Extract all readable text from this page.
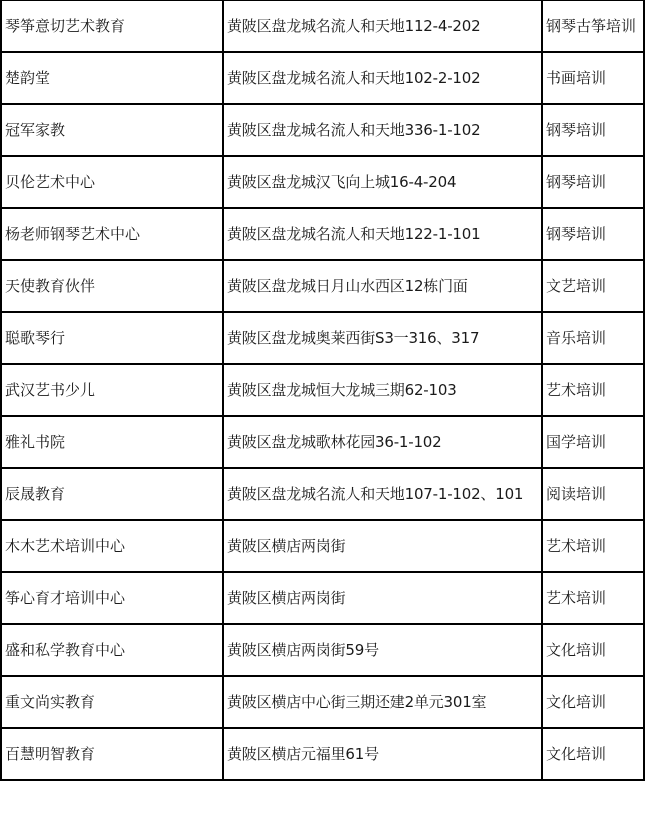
琴筝意切艺术教育	黄陂区盘龙城名流人和天地112-4-202	钢琴古筝培训
楚韵堂	黄陂区盘龙城名流人和天地102-2-102	书画培训
冠军家教	黄陂区盘龙城名流人和天地336-1-102	钢琴培训
贝伦艺术中心	黄陂区盘龙城汉飞向上城16-4-204	钢琴培训
杨老师钢琴艺术中心	黄陂区盘龙城名流人和天地122-1-101	钢琴培训
天使教育伙伴	黄陂区盘龙城日月山水西区12栋门面	文艺培训
聪歌琴行	黄陂区盘龙城奥莱西街S3一316、317	音乐培训
武汉艺书少儿	黄陂区盘龙城恒大龙城三期62-103	艺术培训
雅礼书院	黄陂区盘龙城歌林花园36-1-102	国学培训
辰晟教育	黄陂区盘龙城名流人和天地107-1-102、101	阅读培训
木木艺术培训中心	黄陂区横店两岗街	艺术培训
筝心育才培训中心	黄陂区横店两岗街	艺术培训
盛和私学教育中心	黄陂区横店两岗街59号	文化培训
重文尚实教育	黄陂区横店中心街三期还建2单元301室	文化培训
百慧明智教育	黄陂区横店元福里61号	文化培训
